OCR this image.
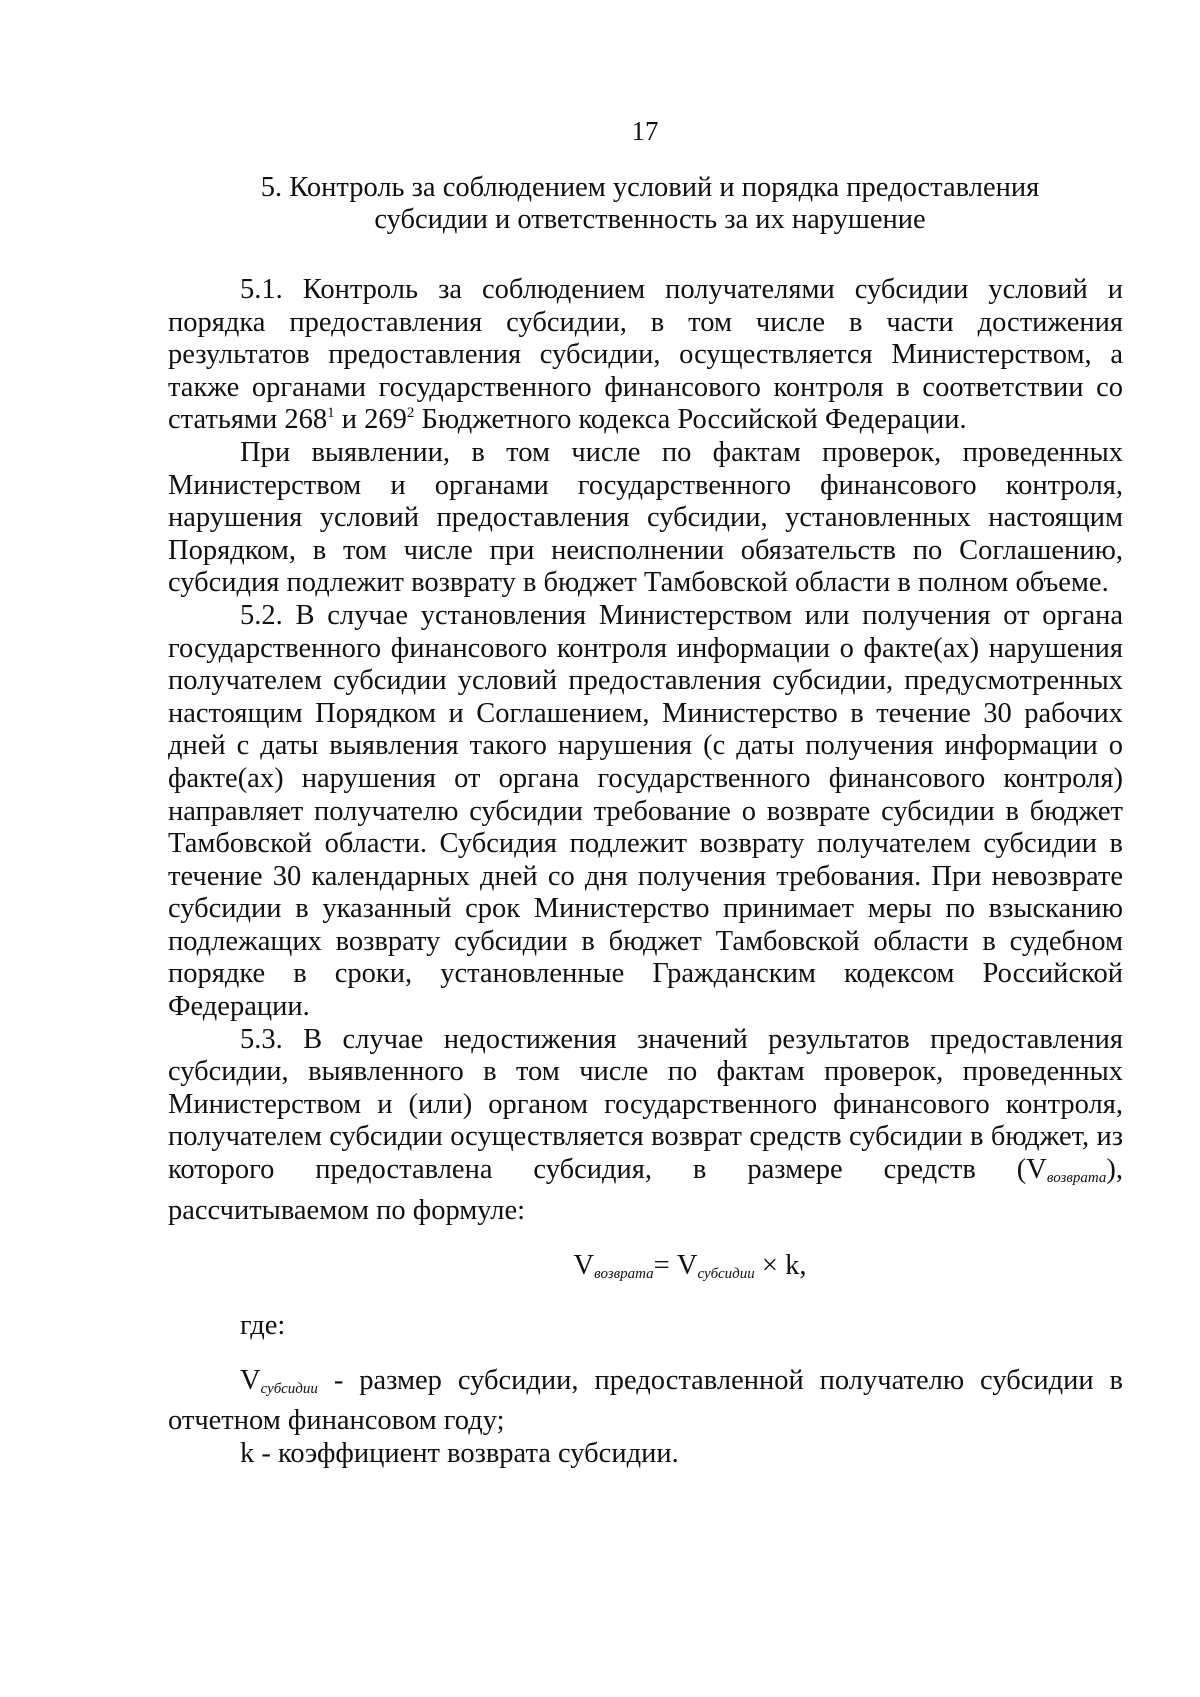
17
5. Контроль за соблюдением условий и порядка предоставления
субсидии и ответственность за их нарушение

5.1. Контроль за соблюдением получателями субсидии условий и порядка предоставления субсидии, в том числе в части достижения результатов предоставления субсидии, осуществляется Министерством, а также органами государственного финансового контроля в соответствии со статьями 268$^1$ и 269$^2$ Бюджетного кодекса Российской Федерации.

При выявлении, в том числе по фактам проверок, проведенных Министерством и органами государственного финансового контроля, нарушения условий предоставления субсидии, установленных настоящим Порядком, в том числе при неисполнении обязательств по Соглашению, субсидия подлежит возврату в бюджет Тамбовской области в полном объеме.

5.2. В случае установления Министерством или получения от органа государственного финансового контроля информации о факте(ах) нарушения получателем субсидии условий предоставления субсидии, предусмотренных настоящим Порядком и Соглашением, Министерство в течение 30 рабочих дней с даты выявления такого нарушения (с даты получения информации о факте(ах) нарушения от органа государственного финансового контроля) направляет получателю субсидии требование о возврате субсидии в бюджет Тамбовской области. Субсидия подлежит возврату получателем субсидии в течение 30 календарных дней со дня получения требования. При невозврате субсидии в указанный срок Министерство принимает меры по взысканию подлежащих возврату субсидии в бюджет Тамбовской области в судебном порядке в сроки, установленные Гражданским кодексом Российской Федерации.

5.3. В случае недостижения значений результатов предоставления субсидии, выявленного в том числе по фактам проверок, проведенных Министерством и (или) органом государственного финансового контроля, получателем субсидии осуществляется возврат средств субсидии в бюджет, из которого предоставлена субсидия, в размере средств $(V_{возврата})$, рассчитываемом по формуле:

$V_{возврата}= V_{субсидии} \times k$,

где:

$V_{субсидии}$ - размер субсидии, предоставленной получателю субсидии в отчетном финансовом году;

k - коэффициент возврата субсидии.
